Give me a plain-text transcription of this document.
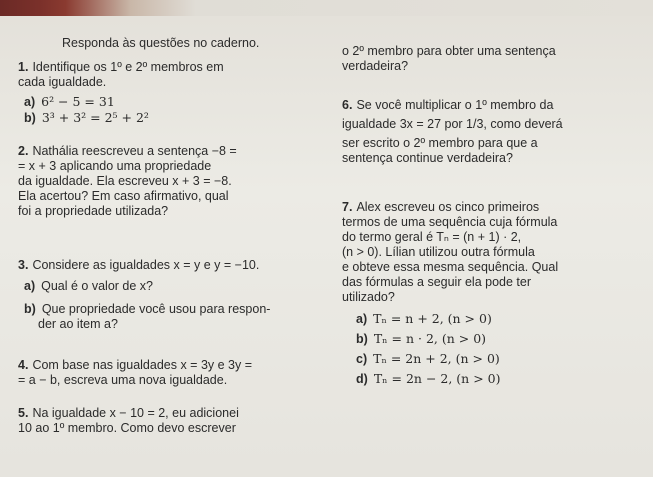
Responda às questões no caderno.
1. Identifique os 1º e 2º membros em
cada igualdade.
a) 6² − 5 = 31
b) 3³ + 3² = 2⁵ + 2²
2. Nathália reescreveu a sentença −8 =
= x + 3 aplicando uma propriedade
da igualdade. Ela escreveu x + 3 = −8.
Ela acertou? Em caso afirmativo, qual
foi a propriedade utilizada?
3. Considere as igualdades x = y e y = −10.
a) Qual é o valor de x?
b) Que propriedade você usou para respon-
der ao item a?
4. Com base nas igualdades x = 3y e 3y =
= a − b, escreva uma nova igualdade.
5. Na igualdade x − 10 = 2, eu adicionei
10 ao 1º membro. Como devo escrever
o 2º membro para obter uma sentença
verdadeira?
6. Se você multiplicar o 1º membro da
igualdade 3x = 27 por 1/3, como deverá
ser escrito o 2º membro para que a
sentença continue verdadeira?
7. Alex escreveu os cinco primeiros
termos de uma sequência cuja fórmula
do termo geral é Tₙ = (n + 1) · 2,
(n > 0). Lílian utilizou outra fórmula
e obteve essa mesma sequência. Qual
das fórmulas a seguir ela pode ter
utilizado?
a) Tₙ = n + 2, (n > 0)
b) Tₙ = n · 2, (n > 0)
c) Tₙ = 2n + 2, (n > 0)
d) Tₙ = 2n − 2, (n > 0)
